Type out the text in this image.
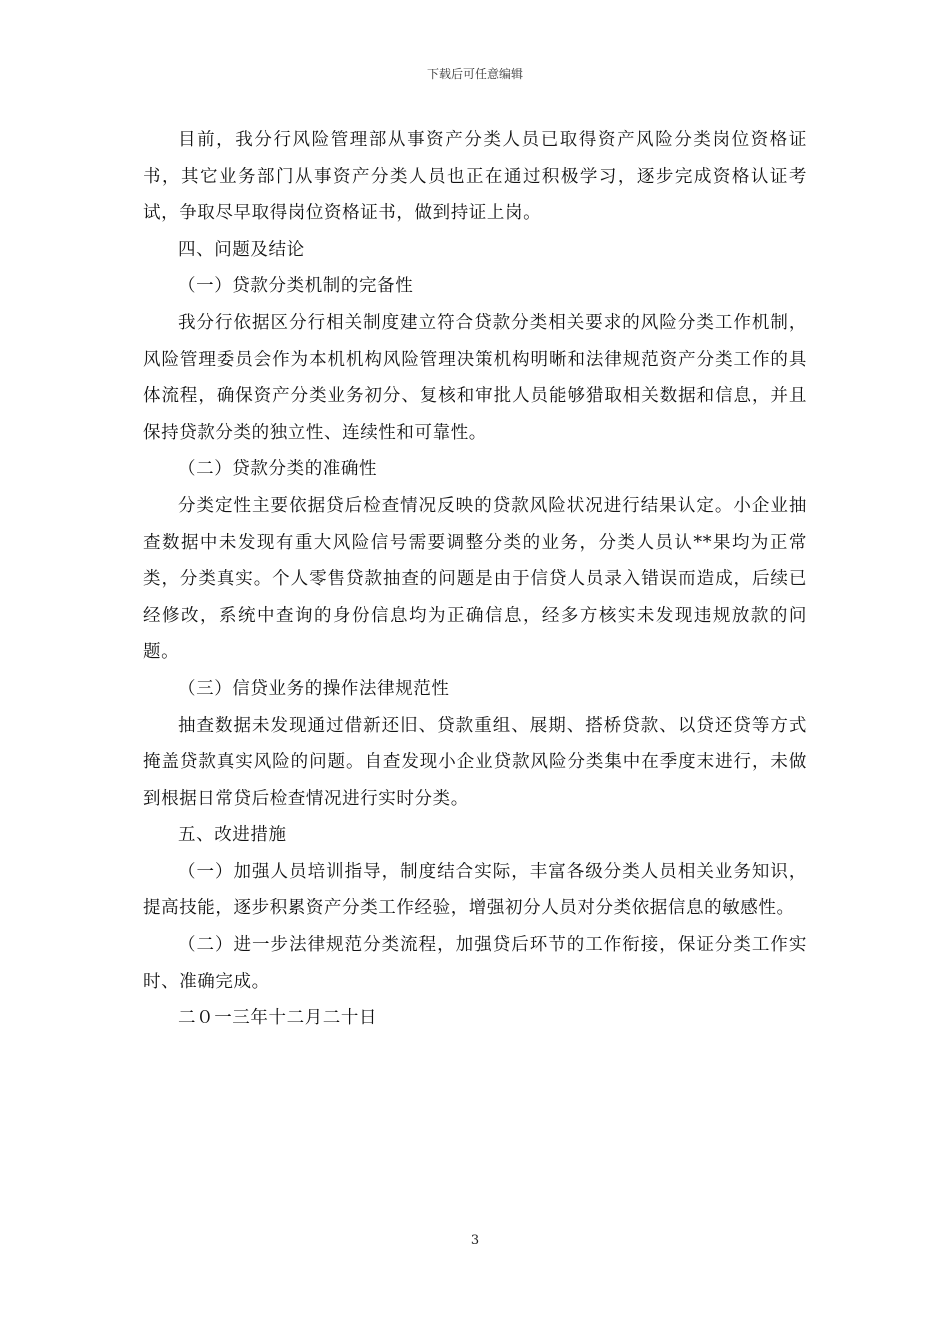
下载后可任意编辑

目前，我分行风险管理部从事资产分类人员已取得资产风险分类岗位资格证书，其它业务部门从事资产分类人员也正在通过积极学习，逐步完成资格认证考试，争取尽早取得岗位资格证书，做到持证上岗。

四、问题及结论

（一）贷款分类机制的完备性

我分行依据区分行相关制度建立符合贷款分类相关要求的风险分类工作机制，风险管理委员会作为本机机构风险管理决策机构明晰和法律规范资产分类工作的具体流程，确保资产分类业务初分、复核和审批人员能够猎取相关数据和信息，并且保持贷款分类的独立性、连续性和可靠性。

（二）贷款分类的准确性

分类定性主要依据贷后检查情况反映的贷款风险状况进行结果认定。小企业抽查数据中未发现有重大风险信号需要调整分类的业务，分类人员认**果均为正常类，分类真实。个人零售贷款抽查的问题是由于信贷人员录入错误而造成，后续已经修改，系统中查询的身份信息均为正确信息，经多方核实未发现违规放款的问题。

（三）信贷业务的操作法律规范性

抽查数据未发现通过借新还旧、贷款重组、展期、搭桥贷款、以贷还贷等方式掩盖贷款真实风险的问题。自查发现小企业贷款风险分类集中在季度末进行，未做到根据日常贷后检查情况进行实时分类。

五、改进措施

（一）加强人员培训指导，制度结合实际，丰富各级分类人员相关业务知识，提高技能，逐步积累资产分类工作经验，增强初分人员对分类依据信息的敏感性。

（二）进一步法律规范分类流程，加强贷后环节的工作衔接，保证分类工作实时、准确完成。

二０一三年十二月二十日

3
